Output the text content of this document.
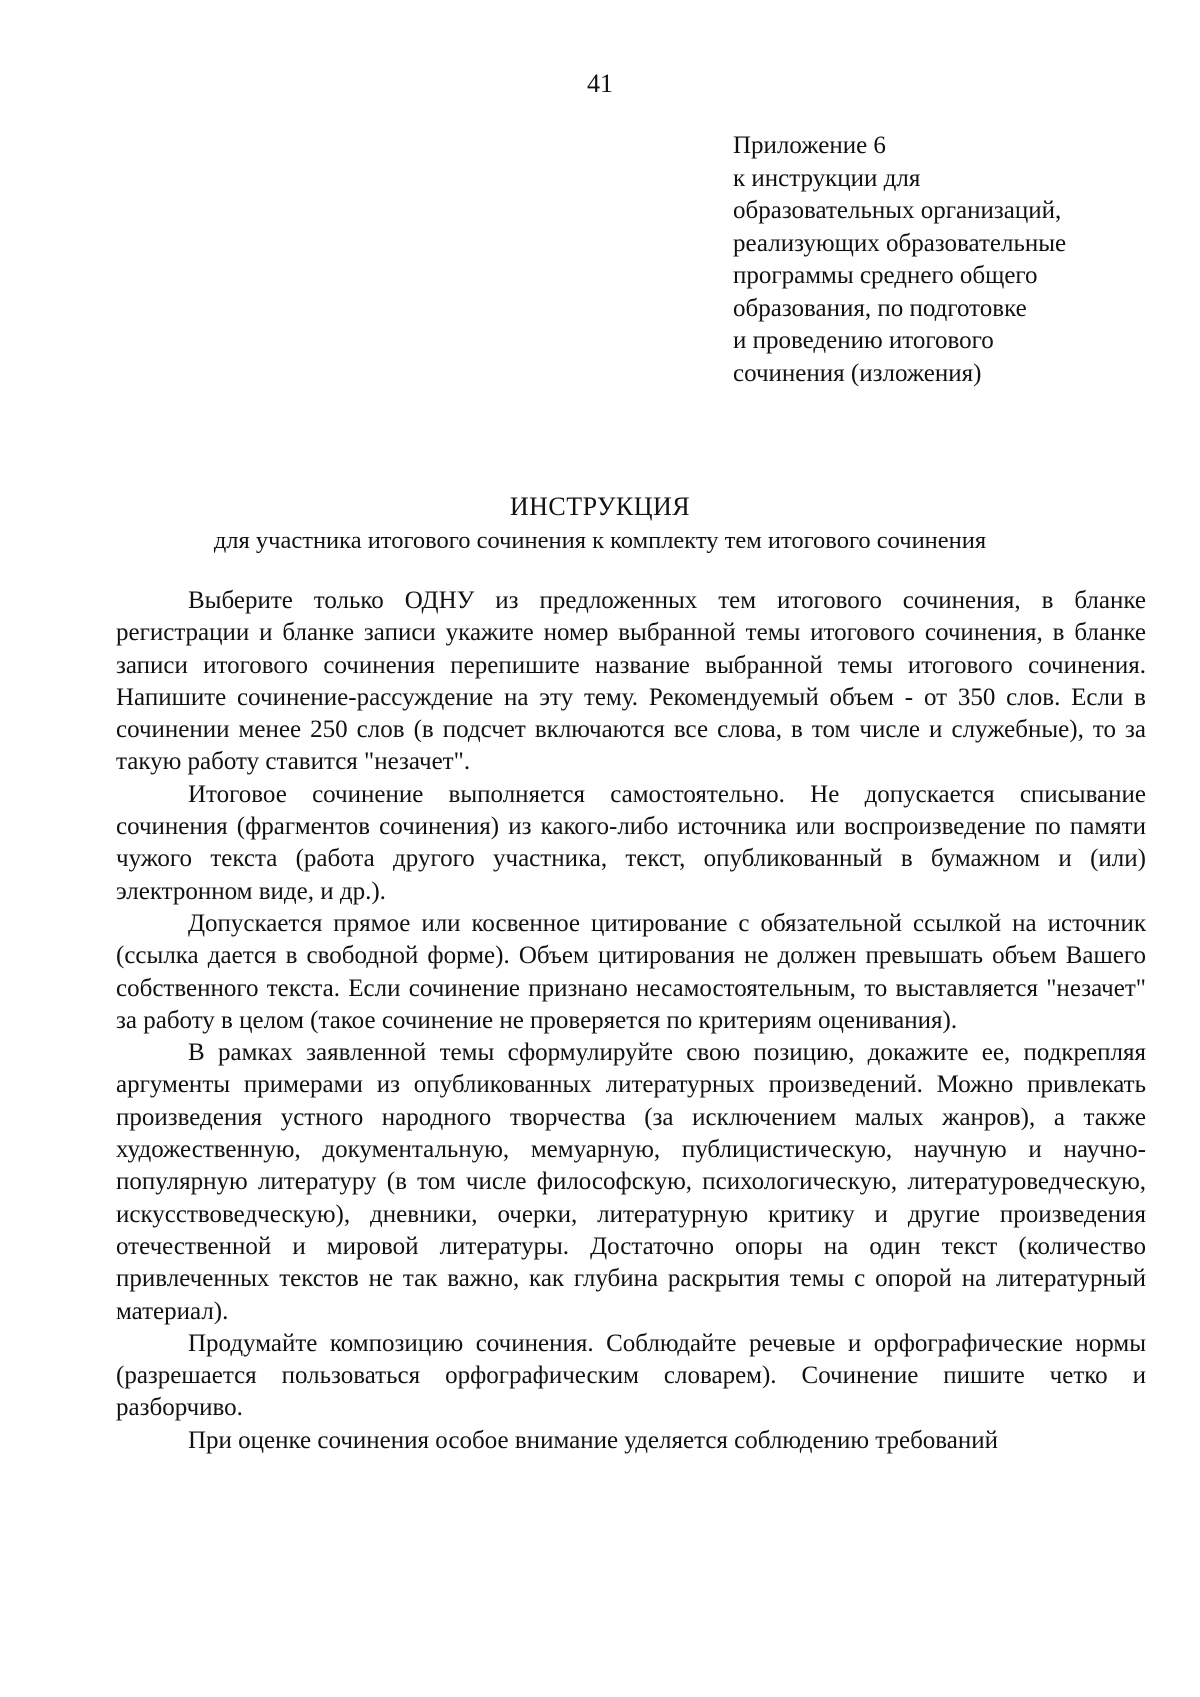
41
Приложение 6
к инструкции для
образовательных организаций,
реализующих образовательные
программы среднего общего
образования, по подготовке
и проведению итогового
сочинения (изложения)
ИНСТРУКЦИЯ
для участника итогового сочинения к комплекту тем итогового сочинения

Выберите только ОДНУ из предложенных тем итогового сочинения, в бланке регистрации и бланке записи укажите номер выбранной темы итогового сочинения, в бланке записи итогового сочинения перепишите название выбранной темы итогового сочинения. Напишите сочинение-рассуждение на эту тему. Рекомендуемый объем - от 350 слов. Если в сочинении менее 250 слов (в подсчет включаются все слова, в том числе и служебные), то за такую работу ставится "незачет".

Итоговое сочинение выполняется самостоятельно. Не допускается списывание сочинения (фрагментов сочинения) из какого-либо источника или воспроизведение по памяти чужого текста (работа другого участника, текст, опубликованный в бумажном и (или) электронном виде, и др.).

Допускается прямое или косвенное цитирование с обязательной ссылкой на источник (ссылка дается в свободной форме). Объем цитирования не должен превышать объем Вашего собственного текста. Если сочинение признано несамостоятельным, то выставляется "незачет" за работу в целом (такое сочинение не проверяется по критериям оценивания).

В рамках заявленной темы сформулируйте свою позицию, докажите ее, подкрепляя аргументы примерами из опубликованных литературных произведений. Можно привлекать произведения устного народного творчества (за исключением малых жанров), а также художественную, документальную, мемуарную, публицистическую, научную и научно-популярную литературу (в том числе философскую, психологическую, литературоведческую, искусствоведческую), дневники, очерки, литературную критику и другие произведения отечественной и мировой литературы. Достаточно опоры на один текст (количество привлеченных текстов не так важно, как глубина раскрытия темы с опорой на литературный материал).

Продумайте композицию сочинения. Соблюдайте речевые и орфографические нормы (разрешается пользоваться орфографическим словарем). Сочинение пишите четко и разборчиво.

При оценке сочинения особое внимание уделяется соблюдению требований
